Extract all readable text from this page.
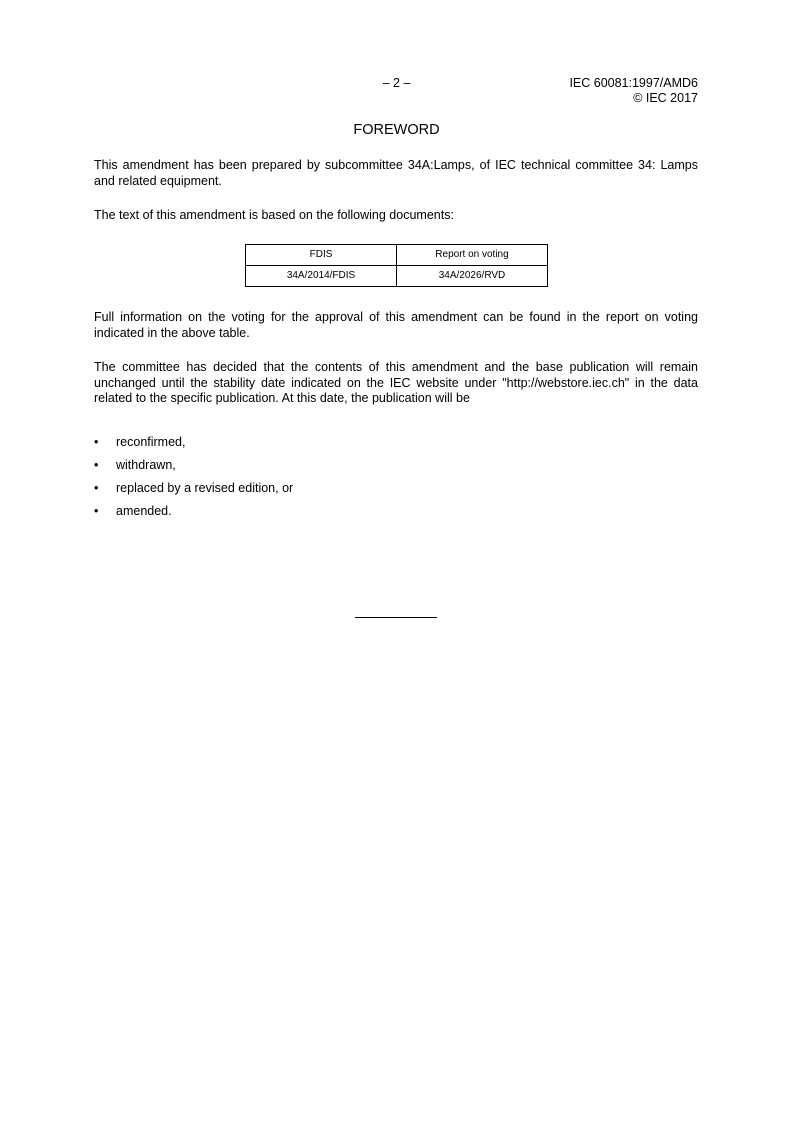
– 2 –	IEC 60081:1997/AMD6
© IEC 2017
FOREWORD
This amendment has been prepared by subcommittee 34A:Lamps, of IEC technical committee 34: Lamps and related equipment.
The text of this amendment is based on the following documents:
FDIS	Report on voting
34A/2014/FDIS	34A/2026/RVD
Full information on the voting for the approval of this amendment can be found in the report on voting indicated in the above table.
The committee has decided that the contents of this amendment and the base publication will remain unchanged until the stability date indicated on the IEC website under "http://webstore.iec.ch" in the data related to the specific publication. At this date, the publication will be
• reconfirmed,
• withdrawn,
• replaced by a revised edition, or
• amended.
